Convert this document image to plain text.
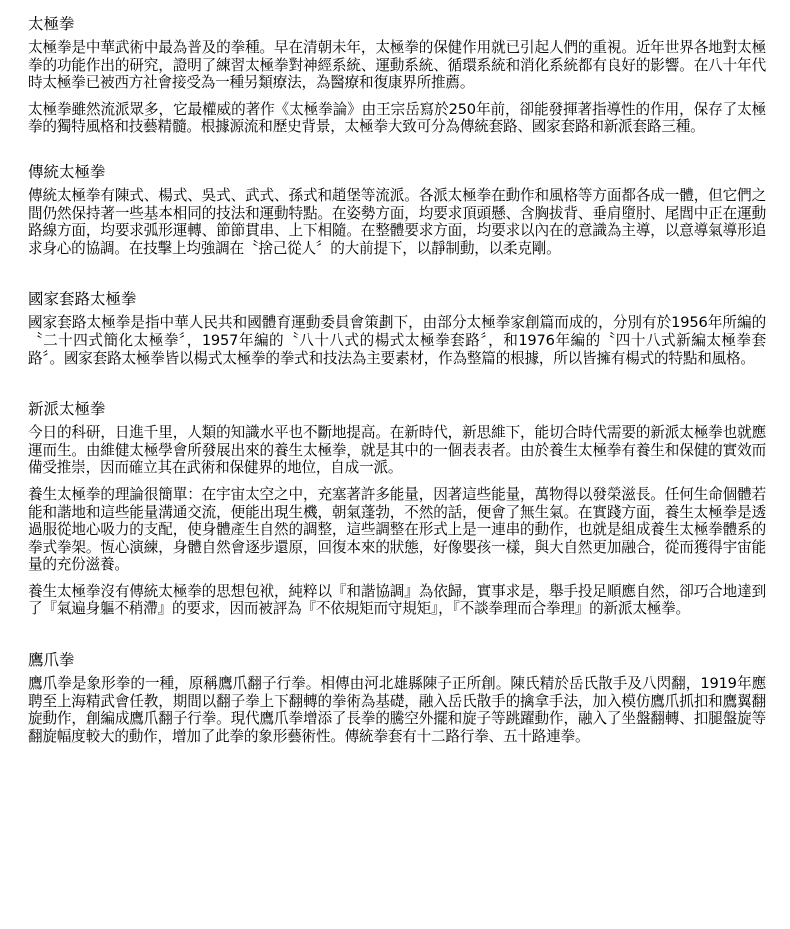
太極拳

太極拳是中華武術中最為普及的拳種。早在清朝未年，太極拳的保健作用就已引起人們的重視。近年世界各地對太極拳的功能作出的研究，證明了練習太極拳對神經系統、運動系統、循環系統和消化系統都有良好的影響。在八十年代時太極拳已被西方社會接受為一種另類療法，為醫療和復康界所推薦。

太極拳雖然流派眾多，它最權威的著作《太極拳論》由王宗岳寫於250年前，卻能發揮著指導性的作用，保存了太極拳的獨特風格和技藝精髓。根據源流和歷史背景，太極拳大致可分為傳統套路、國家套路和新派套路三種。

傳統太極拳

傳統太極拳有陳式、楊式、吳式、武式、孫式和趙堡等流派。各派太極拳在動作和風格等方面都各成一體，但它們之間仍然保持著一些基本相同的技法和運動特點。在姿勢方面，均要求頂頭懸、含胸拔背、垂肩墮肘、尾閭中正在運動路線方面，均要求弧形運轉、節節貫串、上下相隨。在整體要求方面，均要求以內在的意識為主導，以意導氣導形追求身心的協調。在技擊上均強調在〝捨己從人〞的大前提下，以靜制動，以柔克剛。

國家套路太極拳

國家套路太極拳是指中華人民共和國體育運動委員會策劃下，由部分太極拳家創篇而成的，分別有於1956年所編的〝二十四式簡化太極拳〞，1957年編的〝八十八式的楊式太極拳套路〞，和1976年編的〝四十八式新編太極拳套路〞。國家套路太極拳皆以楊式太極拳的拳式和技法為主要素材，作為整篇的根據，所以皆擁有楊式的特點和風格。

新派太極拳

今日的科研，日進千里，人類的知識水平也不斷地提高。在新時代，新思維下，能切合時代需要的新派太極拳也就應運而生。由維健太極學會所發展出來的養生太極拳，就是其中的一個表表者。由於養生太極拳有養生和保健的實效而備受推崇，因而確立其在武術和保健界的地位，自成一派。

養生太極拳的理論很簡單：在宇宙太空之中，充塞著許多能量，因著這些能量，萬物得以發榮滋長。任何生命個體若能和諧地和這些能量溝通交流，便能出現生機，朝氣蓬勃，不然的話，便會了無生氣。在實踐方面，養生太極拳是透過服從地心吸力的支配，使身體產生自然的調整，這些調整在形式上是一連串的動作，也就是組成養生太極拳體系的拳式拳架。恆心演練，身體自然會逐步還原，回復本來的狀態，好像嬰孩一樣，與大自然更加融合，從而獲得宇宙能量的充份滋養。

養生太極拳沒有傳統太極拳的思想包袱，純粹以『和諧協調』為依歸，實事求是，舉手投足順應自然，卻巧合地達到了『氣遍身軀不稍滯』的要求，因而被評為『不依規矩而守規矩』，『不談拳理而合拳理』的新派太極拳。

鷹爪拳

鷹爪拳是象形拳的一種，原稱鷹爪翻子行拳。相傳由河北雄縣陳子正所創。陳氏精於岳氏散手及八閃翻，1919年應聘至上海精武會任教，期間以翻子拳上下翻轉的拳術為基礎，融入岳氏散手的擒拿手法，加入模仿鷹爪抓扣和鷹翼翻旋動作，創編成鷹爪翻子行拳。現代鷹爪拳增添了長拳的騰空外擺和旋子等跳躍動作，融入了坐盤翻轉、扣腿盤旋等翻旋幅度較大的動作，增加了此拳的象形藝術性。傳統拳套有十二路行拳、五十路連拳。
